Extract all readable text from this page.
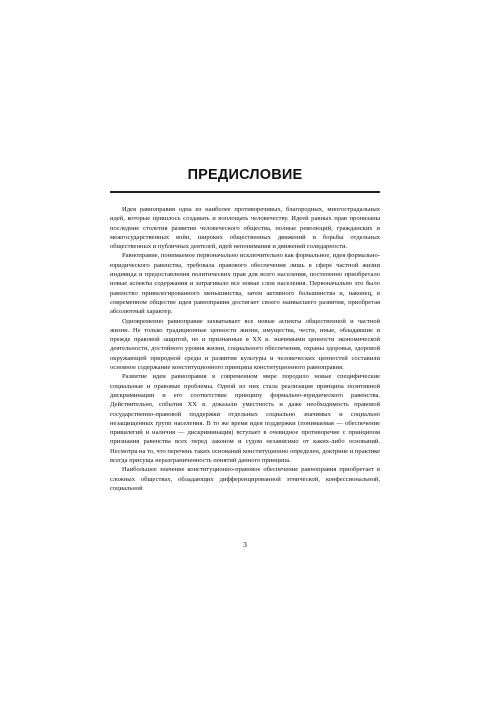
ПРЕДИСЛОВИЕ

Идея равноправия одна из наиболее противоречивых, благородных, многострадальных идей, которые пришлось создавать и воплощать человечеству. Идеей равных прав пронизаны последние столетия развития человеческого общества, полные революций, гражданских и межгосударственных войн, широких общественных движений и борьбы отдельных общественных и публичных деятелей, идей непонимания и движений солидарности.

Равноправие, понимаемое первоначально исключительно как формальное, идея формально-юридического равенства, требовала правового обеспечения лишь в сфере частной жизни индивида и предоставления политических прав для всего населения, постепенно приобретало новые аспекты содержания и затрагивало все новые слои населения. Первоначально это было равенство привилегированного меньшинства, затем активного большинства и, наконец, в современном обществе идея равноправия достигает своего наивысшего развития, приобретая абсолютный характер.

Одновременно равноправие захватывает все новые аспекты общественной и частной жизни. Не только традиционные ценности жизни, имущества, чести, иные, обладавшие и прежде правовой защитой, но и признанные в XX в. значимыми ценности экономической деятельности, достойного уровня жизни, социального обеспечения, охраны здоровья, здоровой окружающей природной среды и развития культуры и человеческих ценностей составили основное содержание конституционного принципа конституционного равноправия.

Развитие идеи равноправия в современном мире породило новые специфические социальные и правовые проблемы. Одной из них стала реализация принципа позитивной дискриминации и его соответствие принципу формально-юридического равенства. Действительно, события XX в. доказали уместность и даже необходимость правовой государственно-правовой поддержки отдельных социально значимых и социально незащищенных групп населения. В то же время идея поддержки (понимаемая — обеспечение привилегий и наличия — дискриминация) вступает в очевидное противоречие с принципом признания равенства всех перед законом и судом независимо от каких-либо оснований. Несмотря на то, что перечень таких оснований конституционно определен, доктрине и практике всегда присуща неразграниченность понятий данного принципа.

Наибольшее значение конституционно-правовое обеспечение равноправия приобретает в сложных обществах, обладающих дифференцированной этнической, конфессиональной, социальной

3
